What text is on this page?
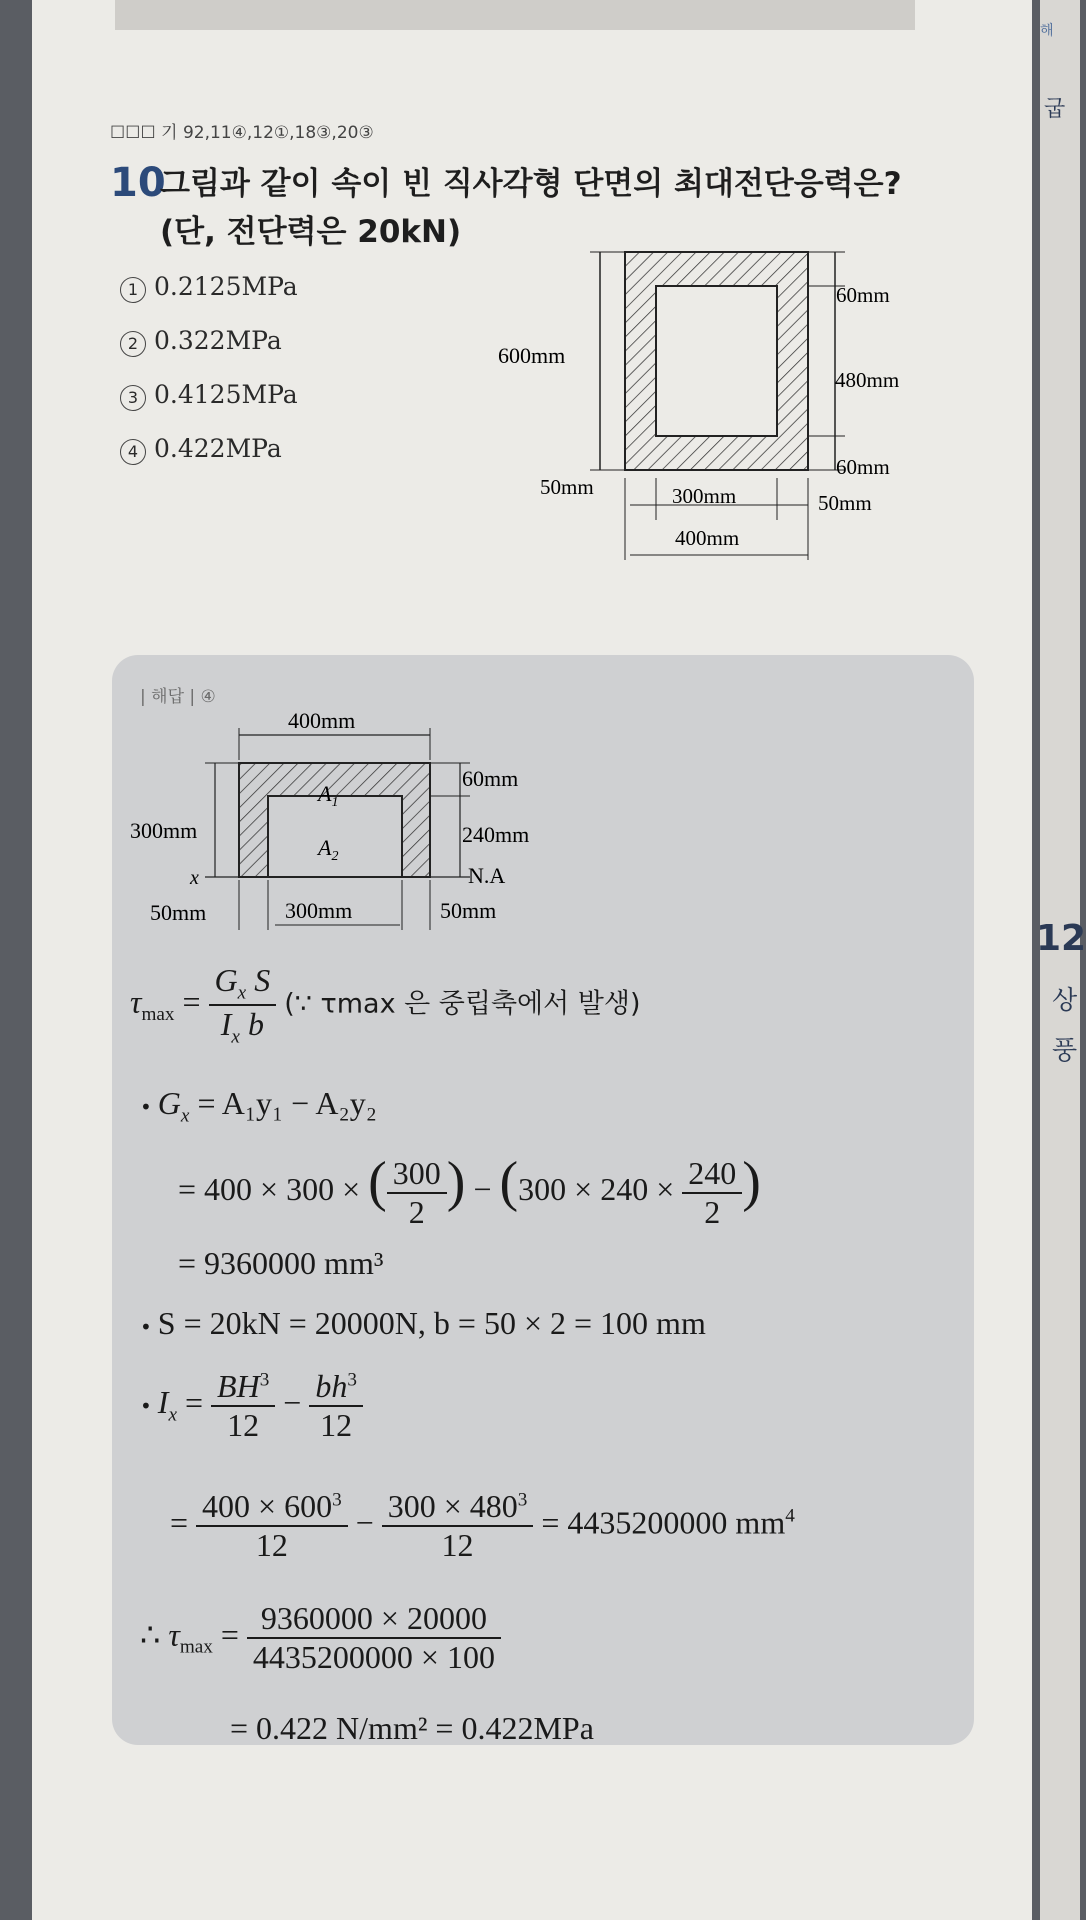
해
굽
12
상
풍
☐☐☐ 기 92,11④,12①,18③,20③
10
그림과 같이 속이 빈 직사각형 단면의 최대전단응력은? (단, 전단력은 20kN)
1 0.2125MPa
2 0.322MPa
3 0.4125MPa
4 0.422MPa
600mm
60mm
480mm
60mm
50mm	300mm	50mm
400mm
| 해답 | ④
400mm
60mm
300mm	240mm
N.A
x
$A_1$
$A_2$
50mm	300mm	50mm
$\tau_{max} = \frac{G_x S}{I_x b}$ (∵ τmax 은 중립축에서 발생)
• $G_x = A_1y_1 - A_2y_2$
= 400 × 300 × ( $\frac{300}{2}$ ) − ($300 \times 240 \times \frac{240}{2}$ )
= 9360000 mm³
• S = 20kN = 20000N, b = 50 × 2 = 100 mm
• $I_x = \frac{BH^3}{12} - \frac{bh^3}{12}$
= $\frac{400 \times 600^3}{12} - \frac{300 \times 480^3}{12} = 4435200000$ $mm^4$
∴ $\tau_{max} = \frac{9360000 \times 20000}{4435200000 \times 100}$
= 0.422 N/mm² = 0.422MPa
